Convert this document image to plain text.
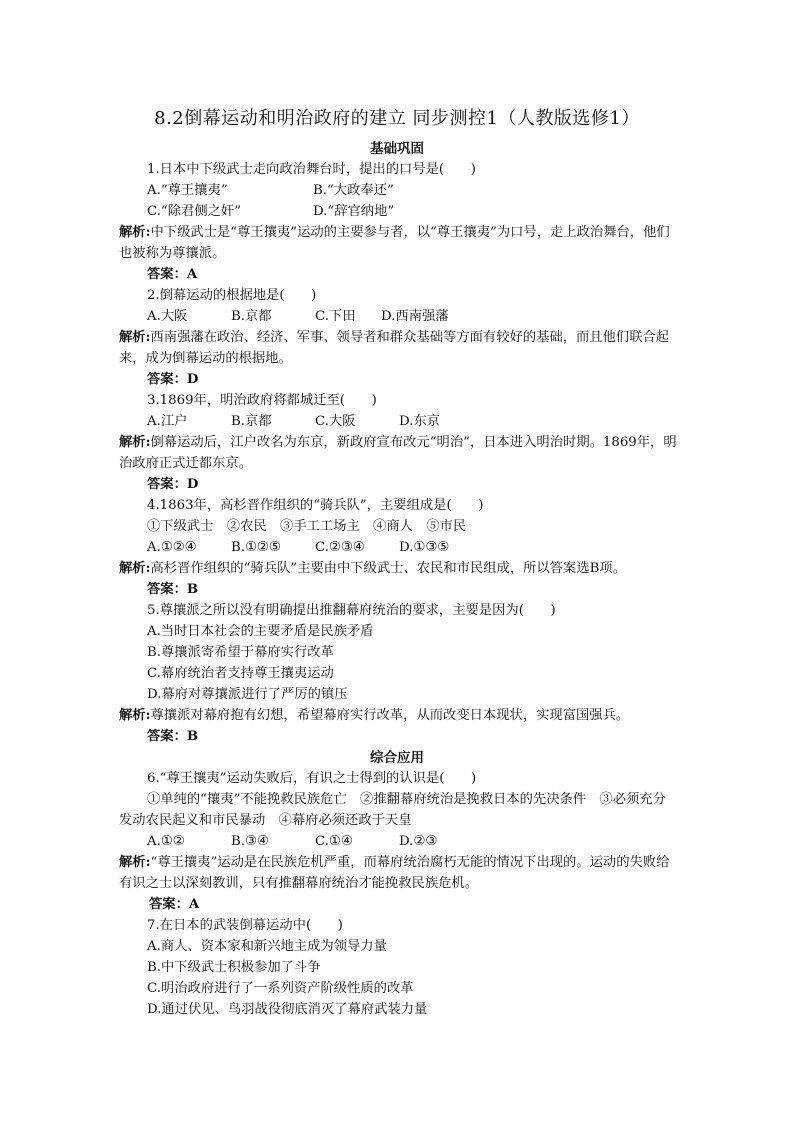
8.2倒幕运动和明治政府的建立 同步测控1（人教版选修1）
基础巩固
1.日本中下级武士走向政治舞台时，提出的口号是(　　)
A.“尊王攘夷”	B.“大政奉还”
C.“除君侧之奸”	D.“辞官纳地”
解析:中下级武士是“尊王攘夷”运动的主要参与者，以“尊王攘夷”为口号，走上政治舞台，他们也被称为尊攘派。
答案：A
2.倒幕运动的根据地是(　　)
A.大阪	B.京都	C.下田 D.西南强藩
解析:西南强藩在政治、经济、军事、领导者和群众基础等方面有较好的基础，而且他们联合起来，成为倒幕运动的根据地。
答案：D
3.1869年，明治政府将都城迁至(　　)
A.江户	B.京都	C.大阪	D.东京
解析:倒幕运动后，江户改名为东京，新政府宣布改元“明治”，日本进入明治时期。1869年，明治政府正式迁都东京。
答案：D
4.1863年，高杉晋作组织的“骑兵队”，主要组成是(　　)
①下级武士　②农民　③手工工场主　④商人　⑤市民
A.①②④	B.①②⑤	C.②③④	D.①③⑤
解析:高杉晋作组织的“骑兵队”主要由中下级武士、农民和市民组成，所以答案选B项。
答案：B
5.尊攘派之所以没有明确提出推翻幕府统治的要求，主要是因为(　　)
A.当时日本社会的主要矛盾是民族矛盾
B.尊攘派寄希望于幕府实行改革
C.幕府统治者支持尊王攘夷运动
D.幕府对尊攘派进行了严厉的镇压
解析:尊攘派对幕府抱有幻想，希望幕府实行改革，从而改变日本现状，实现富国强兵。
答案：B
综合应用
6.“尊王攘夷”运动失败后，有识之士得到的认识是(　　)
①单纯的“攘夷”不能挽救民族危亡　②推翻幕府统治是挽救日本的先决条件　③必须充分发动农民起义和市民暴动　④幕府必须还政于天皇
A.①②	B.③④	C.①④	D.②③
解析:“尊王攘夷”运动是在民族危机严重，而幕府统治腐朽无能的情况下出现的。运动的失败给有识之士以深刻教训，只有推翻幕府统治才能挽救民族危机。
答案：A
7.在日本的武装倒幕运动中(　　)
A.商人、资本家和新兴地主成为领导力量
B.中下级武士积极参加了斗争
C.明治政府进行了一系列资产阶级性质的改革
D.通过伏见、鸟羽战役彻底消灭了幕府武装力量
